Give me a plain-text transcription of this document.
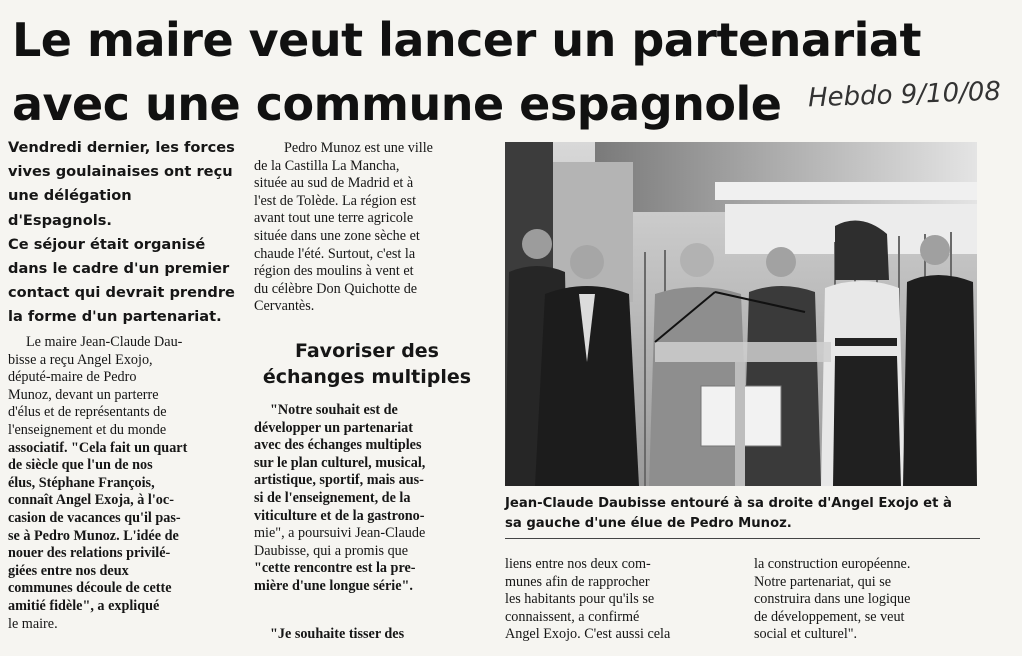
Le maire veut lancer un partenariat
avec une commune espagnole Hebdo 9/10/08

Vendredi dernier, les forces
vives goulainaises ont reçu
une délégation d'Espagnols.
Ce séjour était organisé
dans le cadre d'un premier
contact qui devrait prendre
la forme d'un partenariat.

Le maire Jean-Claude Dau-
bisse a reçu Angel Exojo,
député-maire de Pedro
Munoz, devant un parterre
d'élus et de représentants de
l'enseignement et du monde
associatif. "Cela fait un quart
de siècle que l'un de nos
élus, Stéphane François,
connaît Angel Exoja, à l'oc-
casion de vacances qu'il pas-
se à Pedro Munoz. L'idée de
nouer des relations privilé-
giées entre nos deux
communes découle de cette
amitié fidèle", a expliqué
le maire.
Pedro Munoz est une ville
de la Castilla La Mancha,
située au sud de Madrid et à
l'est de Tolède. La région est
avant tout une terre agricole
située dans une zone sèche et
chaude l'été. Surtout, c'est la
région des moulins à vent et
du célèbre Don Quichotte de
Cervantès.
Favoriser des
échanges multiples
"Notre souhait est de
développer un partenariat
avec des échanges multiples
sur le plan culturel, musical,
artistique, sportif, mais aus-
si de l'enseignement, de la
viticulture et de la gastrono-
mie", a poursuivi Jean-Claude
Daubisse, qui a promis que
"cette rencontre est la pre-
mière d'une longue série".
"Je souhaite tisser des
Jean-Claude Daubisse entouré à sa droite d'Angel Exojo et à
sa gauche d'une élue de Pedro Munoz.
liens entre nos deux com-
munes afin de rapprocher
les habitants pour qu'ils se
connaissent, a confirmé
Angel Exojo. C'est aussi cela
la construction européenne.
Notre partenariat, qui se
construira dans une logique
de développement, se veut
social et culturel".
